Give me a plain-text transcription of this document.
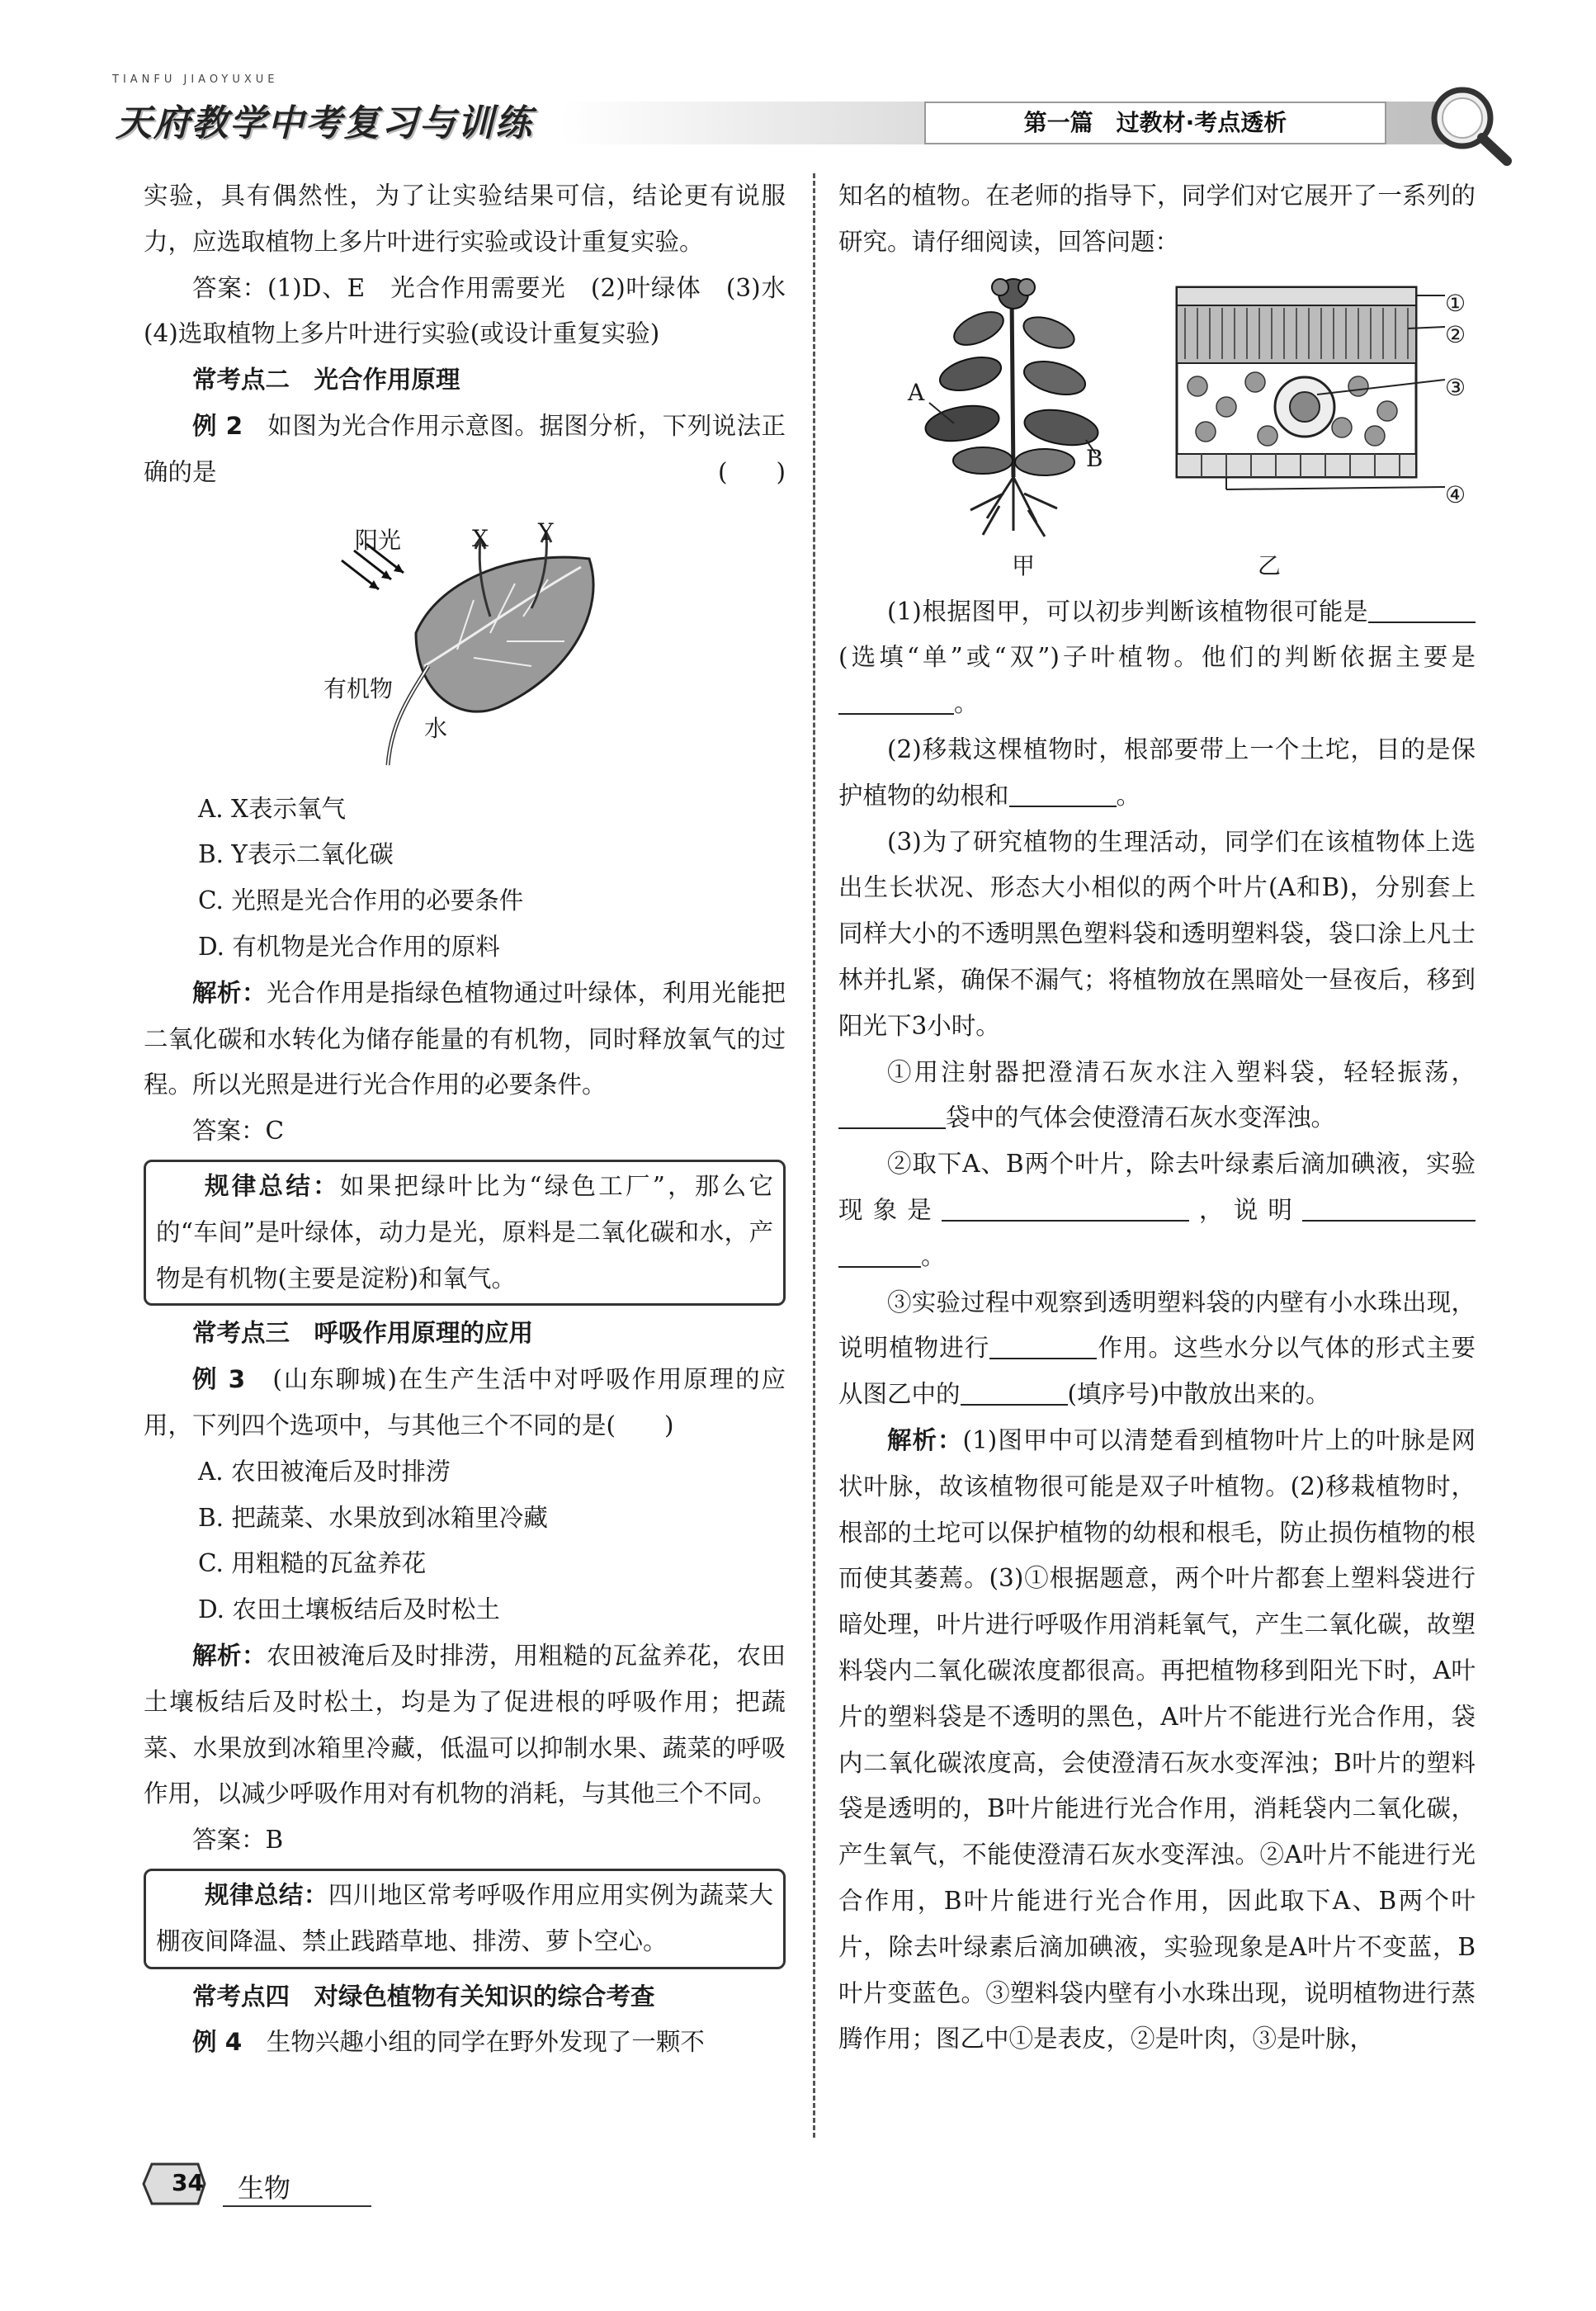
TIANFU JIAOYUXUE
天府教学中考复习与训练	第一篇　过教材·考点透析

实验，具有偶然性，为了让实验结果可信，结论更有说服力，应选取植物上多片叶进行实验或设计重复实验。

答案：(1)D、E　光合作用需要光　(2)叶绿体　(3)水　(4)选取植物上多片叶进行实验(或设计重复实验)

常考点二　光合作用原理

例 2　 如图为光合作用示意图。据图分析，下列说法正确的是	(　　)

阳光	X Y
有机物
水

A. X表示氧气

B. Y表示二氧化碳

C. 光照是光合作用的必要条件

D. 有机物是光合作用的原料

解析：光合作用是指绿色植物通过叶绿体，利用光能把二氧化碳和水转化为储存能量的有机物，同时释放氧气的过程。所以光照是进行光合作用的必要条件。

答案：C

规律总结：如果把绿叶比为“绿色工厂”，那么它的“车间”是叶绿体，动力是光，原料是二氧化碳和水，产物是有机物(主要是淀粉)和氧气。

常考点三　呼吸作用原理的应用

例 3　 (山东聊城)在生产生活中对呼吸作用原理的应用，下列四个选项中，与其他三个不同的是(　　)

A. 农田被淹后及时排涝

B. 把蔬菜、水果放到冰箱里冷藏

C. 用粗糙的瓦盆养花

D. 农田土壤板结后及时松土

解析：农田被淹后及时排涝，用粗糙的瓦盆养花，农田土壤板结后及时松土，均是为了促进根的呼吸作用；把蔬菜、水果放到冰箱里冷藏，低温可以抑制水果、蔬菜的呼吸作用，以减少呼吸作用对有机物的消耗，与其他三个不同。

答案：B

规律总结：四川地区常考呼吸作用应用实例为蔬菜大棚夜间降温、禁止践踏草地、排涝、萝卜空心。

常考点四　对绿色植物有关知识的综合考查

例 4　 生物兴趣小组的同学在野外发现了一颗不

知名的植物。在老师的指导下，同学们对它展开了一系列的研究。请仔细阅读，回答问题：

A
B
①
②
③
④
甲	乙

(1)根据图甲，可以初步判断该植物很可能是(选填“单”或“双”)子叶植物。他们的判断依据主要是。

(2)移栽这棵植物时，根部要带上一个土坨，目的是保护植物的幼根和	。

(3)为了研究植物的生理活动，同学们在该植物体上选出生长状况、形态大小相似的两个叶片(A和B)，分别套上同样大小的不透明黑色塑料袋和透明塑料袋，袋口涂上凡士林并扎紧，确保不漏气；将植物放在黑暗处一昼夜后，移到阳光下3小时。

①用注射器把澄清石灰水注入塑料袋，轻轻振荡，袋中的气体会使澄清石灰水变浑浊。

②取下A、B两个叶片，除去叶绿素后滴加碘液，实验现象是	，说明。

③实验过程中观察到透明塑料袋的内壁有小水珠出现，说明植物进行	作用。这些水分以气体的形式主要从图乙中的	(填序号)中散放出来的。

解析：(1)图甲中可以清楚看到植物叶片上的叶脉是网状叶脉，故该植物很可能是双子叶植物。(2)移栽植物时，根部的土坨可以保护植物的幼根和根毛，防止损伤植物的根而使其萎蔫。(3)①根据题意，两个叶片都套上塑料袋进行暗处理，叶片进行呼吸作用消耗氧气，产生二氧化碳，故塑料袋内二氧化碳浓度都很高。再把植物移到阳光下时，A叶片的塑料袋是不透明的黑色，A叶片不能进行光合作用，袋内二氧化碳浓度高，会使澄清石灰水变浑浊；B叶片的塑料袋是透明的，B叶片能进行光合作用，消耗袋内二氧化碳，产生氧气，不能使澄清石灰水变浑浊。②A叶片不能进行光合作用，B叶片能进行光合作用，因此取下A、B两个叶片，除去叶绿素后滴加碘液，实验现象是A叶片不变蓝，B叶片变蓝色。③塑料袋内壁有小水珠出现，说明植物进行蒸腾作用；图乙中①是表皮，②是叶肉，③是叶脉，

34 生物
